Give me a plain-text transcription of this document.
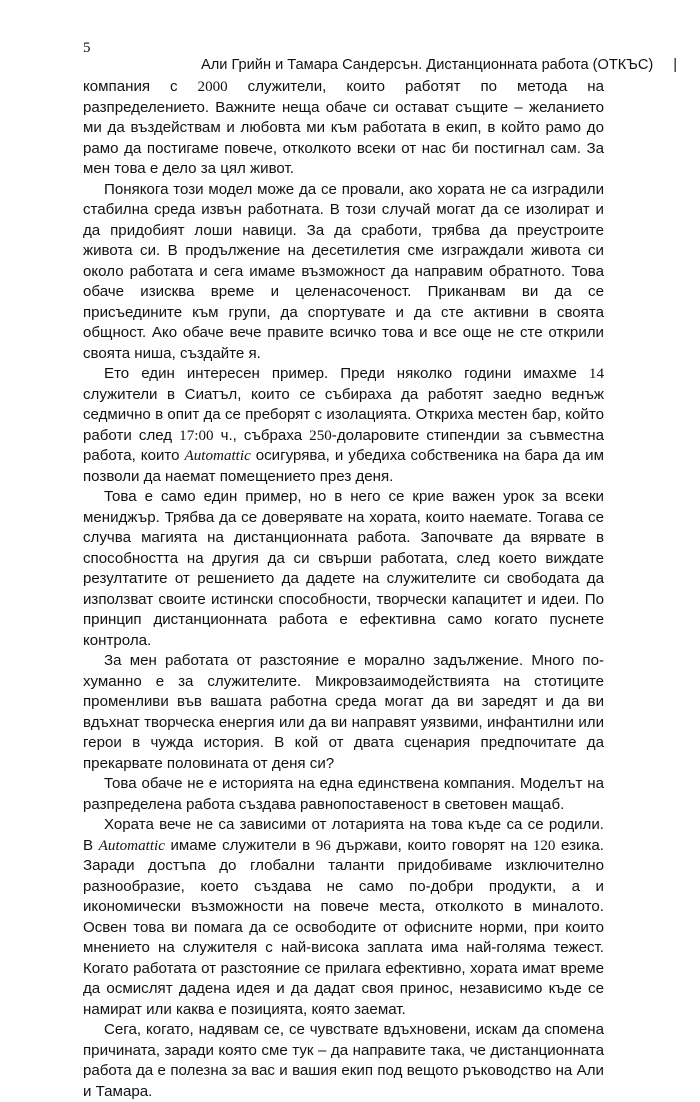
5
Али Грийн и Тамара Сандерсън. Дистанционната работа (ОТКЪС) |

компания с 2000 служители, които работят по метода на разпределението. Важните неща обаче си остават същите – желанието ми да въздействам и любовта ми към работата в екип, в който рамо до рамо да постигаме повече, отколкото всеки от нас би постигнал сам. За мен това е дело за цял живот.

Понякога този модел може да се провали, ако хората не са изградили стабилна среда извън работната. В този случай могат да се изолират и да придобият лоши навици. За да сработи, трябва да преустроите живота си. В продължение на десетилетия сме изграждали живота си около работата и сега имаме възможност да направим обратното. Това обаче изисква време и целенасоченост. Приканвам ви да се присъедините към групи, да спортувате и да сте активни в своята общност. Ако обаче вече правите всичко това и все още не сте открили своята ниша, създайте я.

Ето един интересен пример. Преди няколко години имахме 14 служители в Сиатъл, които се събираха да работят заедно веднъж седмично в опит да се преборят с изолацията. Откриха местен бар, който работи след 17:00 ч., събраха 250-доларовите стипендии за съвместна работа, които Automattic осигурява, и убедиха собственика на бара да им позволи да наемат помещението през деня.

Това е само един пример, но в него се крие важен урок за всеки мениджър. Трябва да се доверявате на хората, които наемате. Тогава се случва магията на дистанционната работа. Започвате да вярвате в способността на другия да си свърши работата, след което виждате резултатите от решението да дадете на служителите си свободата да използват своите истински способности, творчески капацитет и идеи. По принцип дистанционната работа е ефективна само когато пуснете контрола.

За мен работата от разстояние е морално задължение. Много по-хуманно е за служителите. Микровзаимодействията на стотиците променливи във вашата работна среда могат да ви заредят и да ви вдъхнат творческа енергия или да ви направят уязвими, инфантилни или герои в чужда история. В кой от двата сценария предпочитате да прекарвате половината от деня си?

Това обаче не е историята на една единствена компания. Моделът на разпределена работа създава равнопоставеност в световен мащаб.

Хората вече не са зависими от лотарията на това къде са се родили. В Automattic имаме служители в 96 държави, които говорят на 120 езика. Заради достъпа до глобални таланти придобиваме изключително разнообразие, което създава не само по-добри продукти, а и икономически възможности на повече места, отколкото в миналото. Освен това ви помага да се освободите от офисните норми, при които мнението на служителя с най-висока заплата има най-голяма тежест. Когато работата от разстояние се прилага ефективно, хората имат време да осмислят дадена идея и да дадат своя принос, независимо къде се намират или каква е позицията, която заемат.

Сега, когато, надявам се, се чувствате вдъхновени, искам да спомена причината, заради която сме тук – да направите така, че дистанционната работа да е полезна за вас и вашия екип под вещото ръководство на Али и Тамара.
